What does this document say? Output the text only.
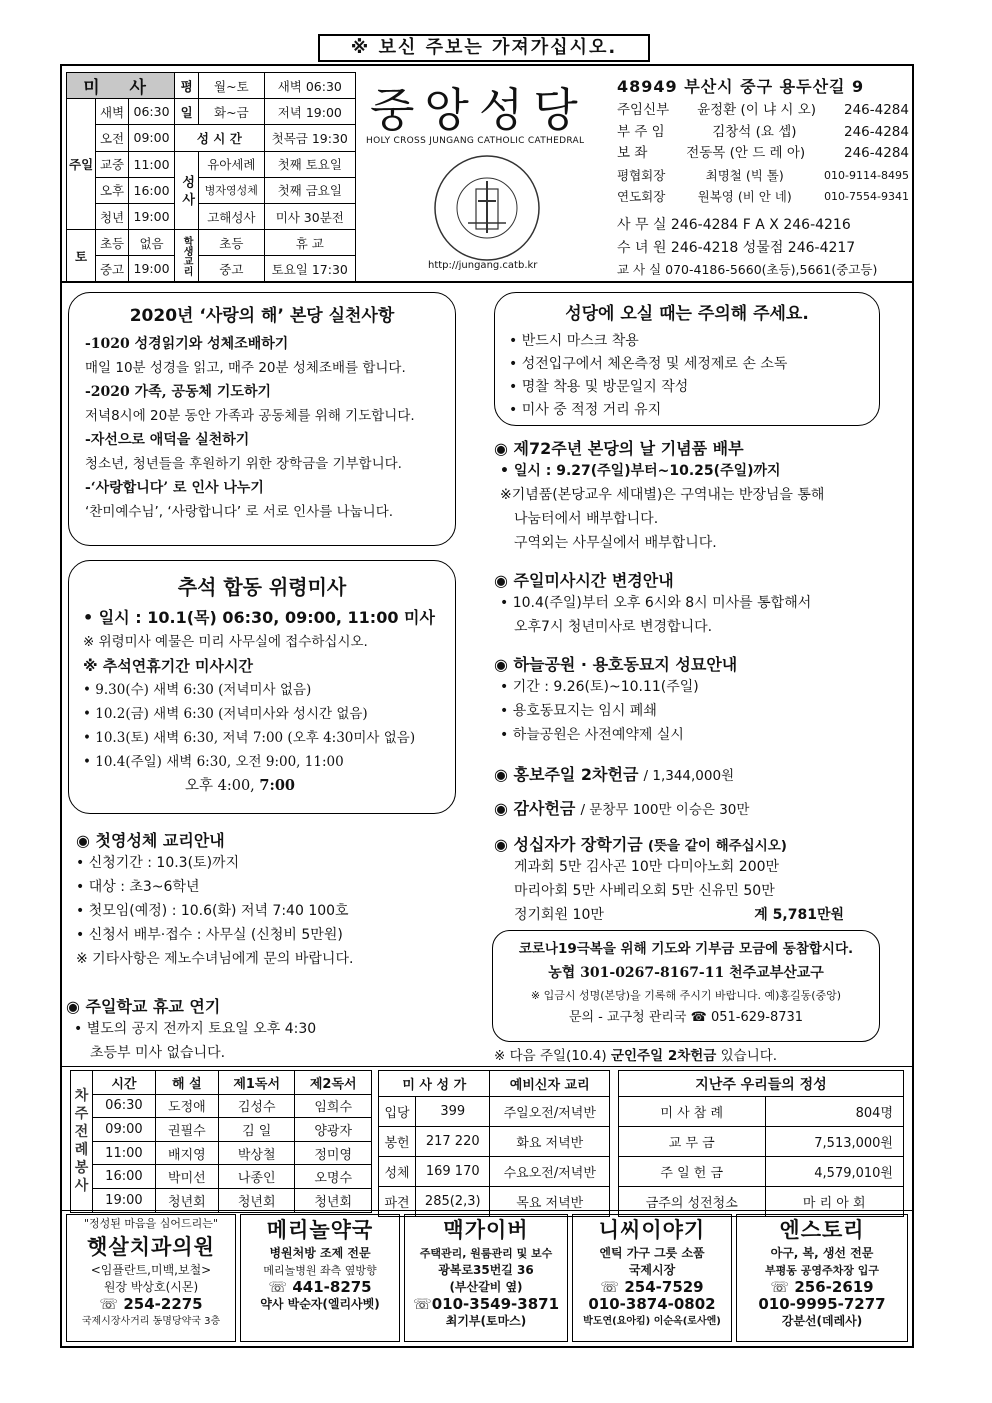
※ 보신 주보는 가져가십시오.
미 사			평	월~토	새벽 06:30
주일	새벽	06:30	일	화~금	저녁 19:00
	오전	09:00	성 시 간		첫목금 19:30
	교중	11:00	성 사	유아세례	첫째 토요일
	오후	16:00		병자영성체	첫째 금요일
	청년	19:00		고해성사	미사 30분전
토	초등	없음	학생교리	초등	휴 교
	중고	19:00		중고	토요일 17:30
중앙성당
HOLY CROSS JUNGANG CATHOLIC CATHEDRAL
http://jungang.catb.kr
48949 부산시 중구 용두산길 9
주임신부 윤정환 (이 냐 시 오) 246-4284
부 주 임	김창석 (요 셉)	246-4284
보 좌	전동목 (안 드 레 아)	246-4284
평협회장	최명철 (빅 톨)	010-9114-8495
연도회장	원복영 (비 안 네)	010-7554-9341
사 무 실 246-4284 F A X 246-4216
수 녀 원 246-4218 성물점 246-4217
교 사 실 070-4186-5660(초등),5661(중고등)
2020년 ‘사랑의 해’ 본당 실천사항
-1020 성경읽기와 성체조배하기
매일 10분 성경을 읽고, 매주 20분 성체조배를 합니다.
-2020 가족, 공동체 기도하기
저녁8시에 20분 동안 가족과 공동체를 위해 기도합니다.
-자선으로 애덕을 실천하기
청소년, 청년들을 후원하기 위한 장학금을 기부합니다.
-‘사랑합니다’ 로 인사 나누기
‘찬미예수님’, ‘사랑합니다’ 로 서로 인사를 나눕니다.
추석 합동 위령미사
• 일시 : 10.1(목) 06:30, 09:00, 11:00 미사
※ 위령미사 예물은 미리 사무실에 접수하십시오.
※ 추석연휴기간 미사시간
• 9.30(수) 새벽 6:30 (저녁미사 없음)
• 10.2(금) 새벽 6:30 (저녁미사와 성시간 없음)
• 10.3(토) 새벽 6:30, 저녁 7:00 (오후 4:30미사 없음)
• 10.4(주일) 새벽 6:30, 오전 9:00, 11:00
오후 4:00, 7:00
◉ 첫영성체 교리안내
• 신청기간 : 10.3(토)까지
• 대상 : 초3~6학년
• 첫모임(예정) : 10.6(화) 저녁 7:40 100호
• 신청서 배부·접수 : 사무실 (신청비 5만원)
※ 기타사항은 제노수녀님에게 문의 바랍니다.
◉ 주일학교 휴교 연기
• 별도의 공지 전까지 토요일 오후 4:30
초등부 미사 없습니다.
성당에 오실 때는 주의해 주세요.
• 반드시 마스크 착용
• 성전입구에서 체온측정 및 세정제로 손 소독
• 명찰 착용 및 방문일지 작성
• 미사 중 적정 거리 유지
◉ 제72주년 본당의 날 기념품 배부
• 일시 : 9.27(주일)부터~10.25(주일)까지
※기념품(본당교우 세대별)은 구역내는 반장님을 통해
나눔터에서 배부합니다.
구역외는 사무실에서 배부합니다.
◉ 주일미사시간 변경안내
• 10.4(주일)부터 오후 6시와 8시 미사를 통합해서
오후7시 청년미사로 변경합니다.
◉ 하늘공원 · 용호동묘지 성묘안내
• 기간 : 9.26(토)~10.11(주일)
• 용호동묘지는 임시 폐쇄
• 하늘공원은 사전예약제 실시
◉ 홍보주일 2차헌금 / 1,344,000원
◉ 감사헌금 / 문창무 100만 이승은 30만
◉ 성십자가 장학기금 (뜻을 같이 해주십시오)
게과회 5만 김사곤 10만 다미아노회 200만
마리아회 5만 사베리오회 5만 신유민 50만
정기회원 10만	계 5,781만원
코로나19극복을 위해 기도와 기부금 모금에 동참합시다.
농협 301-0267-8167-11 천주교부산교구
※ 입금시 성명(본당)을 기록해 주시기 바랍니다. 예)홍길동(중앙)
문의 - 교구청 관리국 ☎ 051-629-8731
※ 다음 주일(10.4) 군인주일 2차헌금 있습니다.
차주전례봉사	시간	해 설	제1독서	제2독서
	06:30	도정애	김성수	임희수
	09:00	권필수	김 일	양광자
	11:00	배지영	박상철	정미영
	16:00	박미선	나종인	오명수
	19:00	청년회	청년회	청년회
미 사 성 가		예비신자 교리
입당	399	주일오전/저녁반
봉헌	217 220	화요 저녁반
성체	169 170	수요오전/저녁반
파견	285(2,3)	목요 저녁반
지난주 우리들의 정성	
미 사 참 례	804명
교 무 금	7,513,000원
주 일 헌 금	4,579,010원
금주의 성전청소	마 리 아 회
"정성된 마음을 심어드리는"
햇살치과의원
<임플란트,미백,보철>
원장 박상호(시몬)
☏ 254-2275
국제시장사거리 동명당약국 3층
메리놀약국
병원처방 조제 전문
메리놀병원 좌측 옆방향
☏ 441-8275
약사 박순자(엘리사벳)
맥가이버
주택관리, 원룸관리 및 보수
광복로35번길 36
(부산갈비 옆)
☏010-3549-3871
최기부(토마스)
니씨이야기
엔틱 가구 그릇 소품
국제시장
☏ 254-7529
010-3874-0802
박도연(요아킴) 이순옥(로사엔)
엔스토리
아구, 복, 생선 전문
부평동 공영주차장 입구
☏ 256-2619
010-9995-7277
강분선(데레사)
